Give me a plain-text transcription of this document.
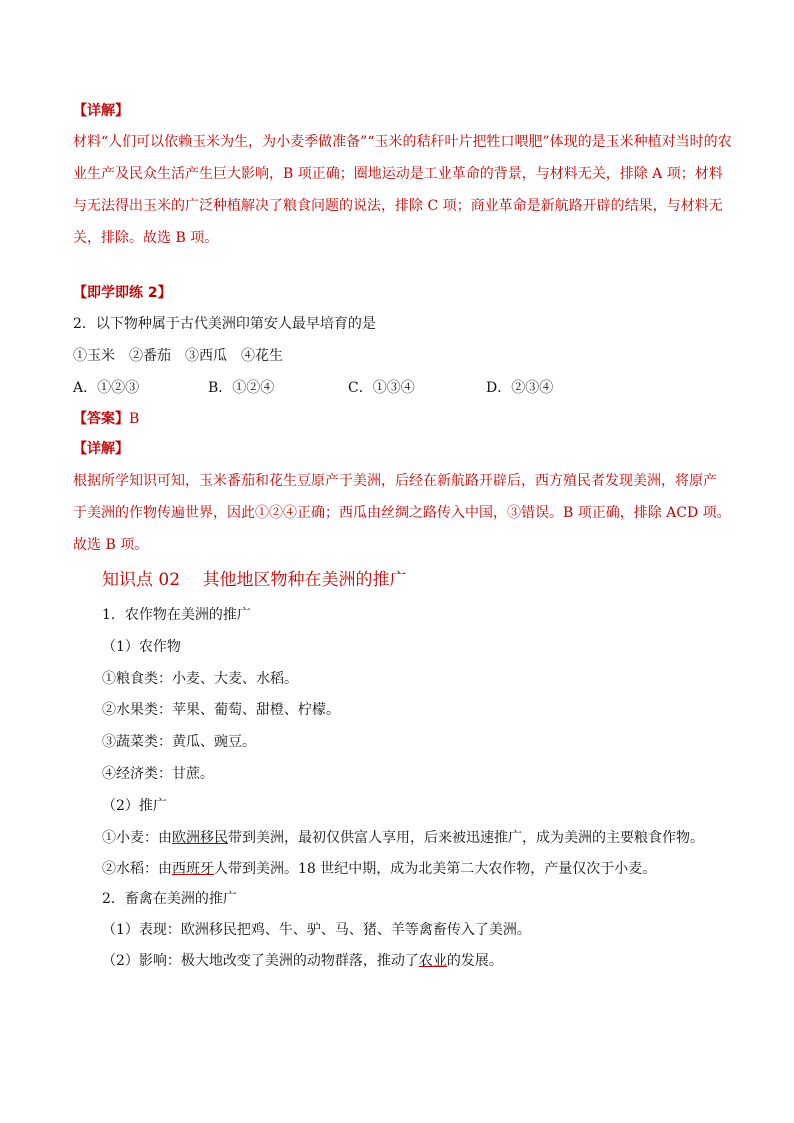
【详解】
材料“人们可以依赖玉米为生，为小麦季做准备”“玉米的秸秆叶片把牲口喂肥”体现的是玉米种植对当时的农
业生产及民众生活产生巨大影响，B 项正确；圈地运动是工业革命的背景，与材料无关，排除 A 项；材料
与无法得出玉米的广泛种植解决了粮食问题的说法，排除 C 项；商业革命是新航路开辟的结果，与材料无
关，排除。故选 B 项。
【即学即练 2】
2．以下物种属于古代美洲印第安人最早培育的是
①玉米　②番茄　③西瓜　④花生
A．①②③	B．①②④	C．①③④	D．②③④
【答案】B
【详解】
根据所学知识可知，玉米番茄和花生豆原产于美洲，后经在新航路开辟后，西方殖民者发现美洲，将原产
于美洲的作物传遍世界，因此①②④正确；西瓜由丝绸之路传入中国，③错误。B 项正确，排除 ACD 项。
故选 B 项。
知识点 02　 其他地区物种在美洲的推广
1．农作物在美洲的推广
（1）农作物
①粮食类：小麦、大麦、水稻。
②水果类：苹果、葡萄、甜橙、柠檬。
③蔬菜类：黄瓜、豌豆。
④经济类：甘蔗。
（2）推广
①小麦：由欧洲移民带到美洲，最初仅供富人享用，后来被迅速推广，成为美洲的主要粮食作物。
②水稻：由西班牙人带到美洲。18 世纪中期，成为北美第二大农作物，产量仅次于小麦。
2．畜禽在美洲的推广
（1）表现：欧洲移民把鸡、牛、驴、马、猪、羊等禽畜传入了美洲。
（2）影响：极大地改变了美洲的动物群落，推动了农业的发展。
